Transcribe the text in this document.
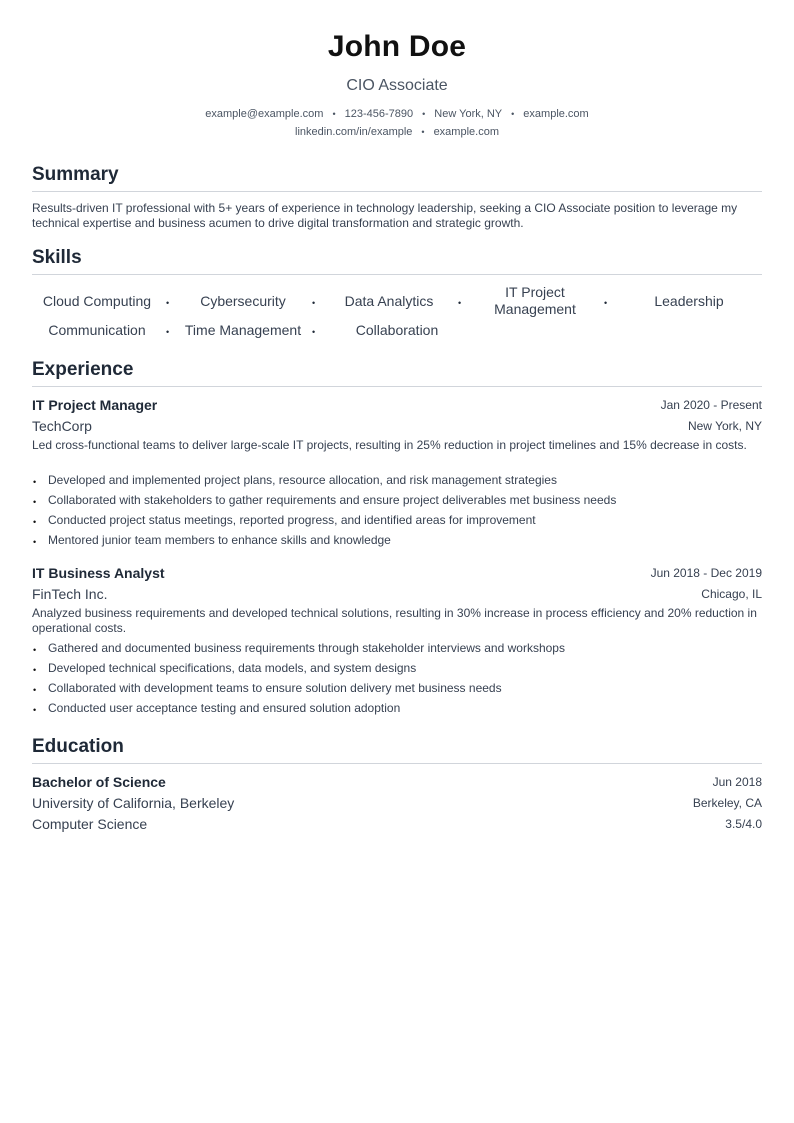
John Doe
CIO Associate
example@example.com • 123-456-7890 • New York, NY • example.com
linkedin.com/in/example • example.com
Summary
Results-driven IT professional with 5+ years of experience in technology leadership, seeking a CIO Associate position to leverage my technical expertise and business acumen to drive digital transformation and strategic growth.
Skills
Cloud Computing	•	Cybersecurity	•	Data Analytics	•
IT Project Management	•	Leadership
Communication	•	Time Management	•	Collaboration
Experience
IT Project Manager	Jan 2020 - Present
TechCorp	New York, NY
Led cross-functional teams to deliver large-scale IT projects, resulting in 25% reduction in project timelines and 15% decrease in costs.
• Developed and implemented project plans, resource allocation, and risk management strategies
• Collaborated with stakeholders to gather requirements and ensure project deliverables met business needs
• Conducted project status meetings, reported progress, and identified areas for improvement
• Mentored junior team members to enhance skills and knowledge
IT Business Analyst	Jun 2018 - Dec 2019
FinTech Inc.	Chicago, IL
Analyzed business requirements and developed technical solutions, resulting in 30% increase in process efficiency and 20% reduction in operational costs.
• Gathered and documented business requirements through stakeholder interviews and workshops
• Developed technical specifications, data models, and system designs
• Collaborated with development teams to ensure solution delivery met business needs
• Conducted user acceptance testing and ensured solution adoption
Education
Bachelor of Science	Jun 2018
University of California, Berkeley	Berkeley, CA
Computer Science	3.5/4.0
